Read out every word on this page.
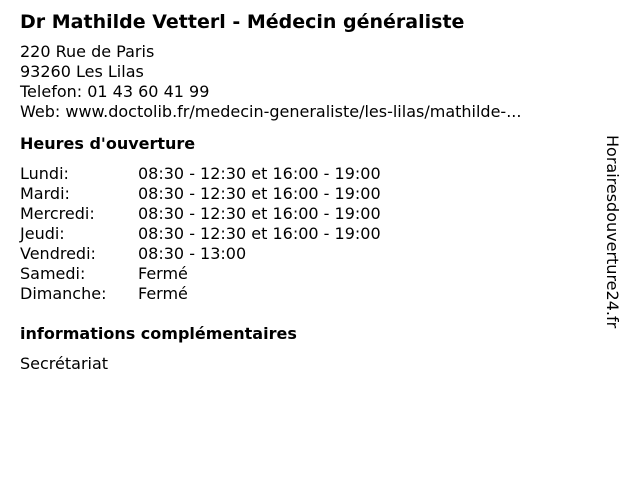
Dr Mathilde Vetterl - Médecin généraliste
220 Rue de Paris
93260 Les Lilas
Telefon: 01 43 60 41 99
Web: www.doctolib.fr/medecin-generaliste/les-lilas/mathilde-...
Heures d'ouverture
Lundi:	08:30 - 12:30 et 16:00 - 19:00
Mardi:	08:30 - 12:30 et 16:00 - 19:00
Mercredi:	08:30 - 12:30 et 16:00 - 19:00
Jeudi:	08:30 - 12:30 et 16:00 - 19:00
Vendredi:	08:30 - 13:00
Samedi:	Fermé
Dimanche:	Fermé
informations complémentaires
Secrétariat
Horairesdouverture24.fr
